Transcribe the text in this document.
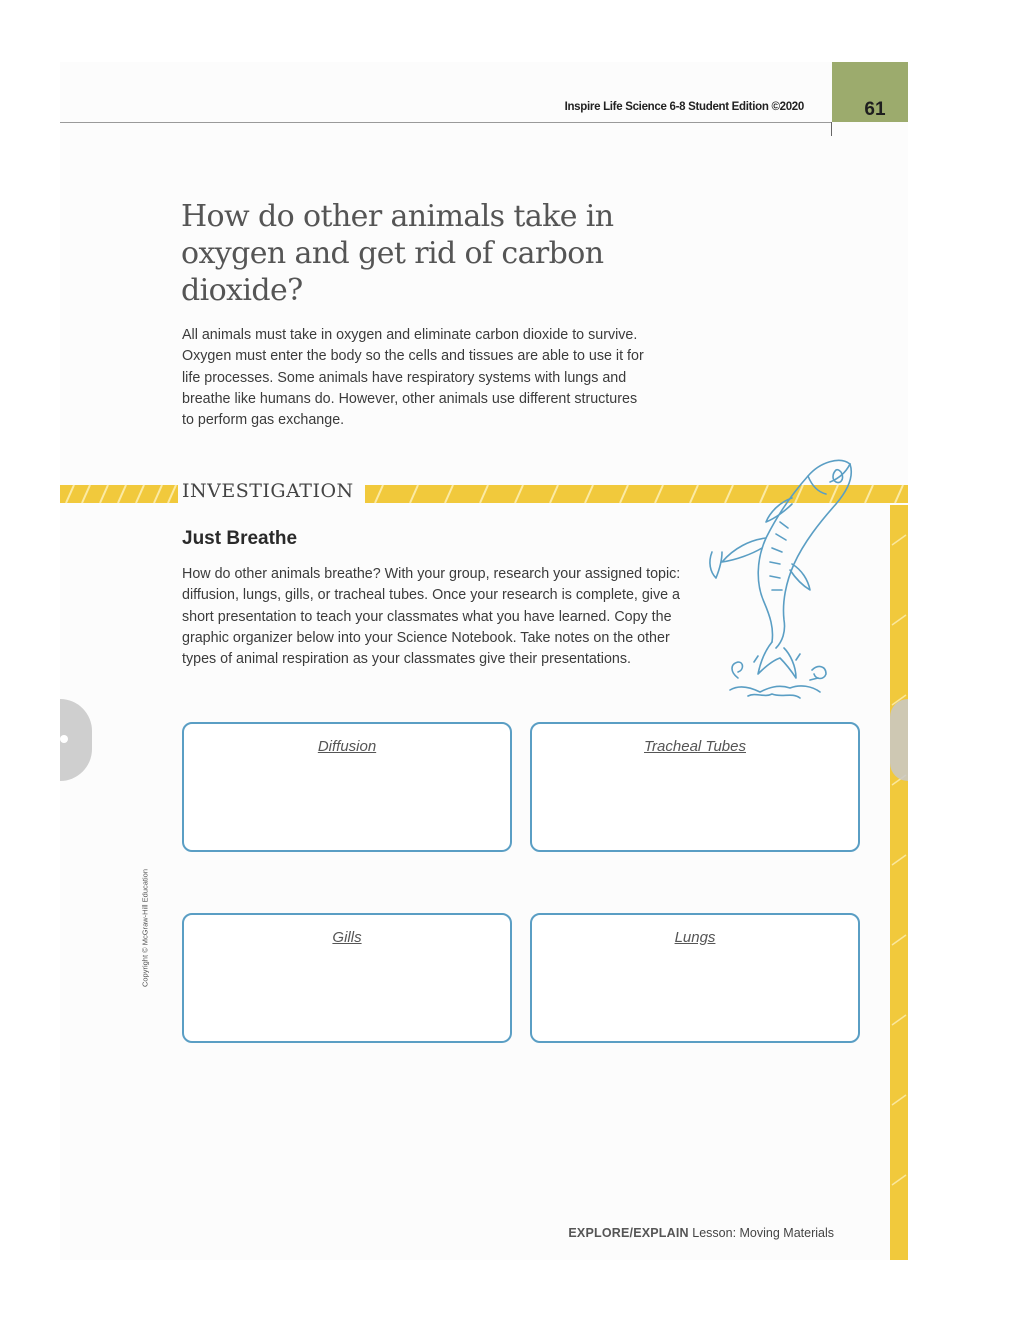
Inspire Life Science 6-8 Student Edition ©2020	61
How do other animals take in oxygen and get rid of carbon dioxide?

All animals must take in oxygen and eliminate carbon dioxide to survive. Oxygen must enter the body so the cells and tissues are able to use it for life processes. Some animals have respiratory systems with lungs and breathe like humans do. However, other animals use different structures to perform gas exchange.

INVESTIGATION
Just Breathe

How do other animals breathe? With your group, research your assigned topic: diffusion, lungs, gills, or tracheal tubes. Once your research is complete, give a short presentation to teach your classmates what you have learned. Copy the graphic organizer below into your Science Notebook. Take notes on the other types of animal respiration as your classmates give their presentations.

Diffusion	Tracheal Tubes
Gills	Lungs
Copyright © McGraw-Hill Education
EXPLORE/EXPLAIN Lesson: Moving Materials
